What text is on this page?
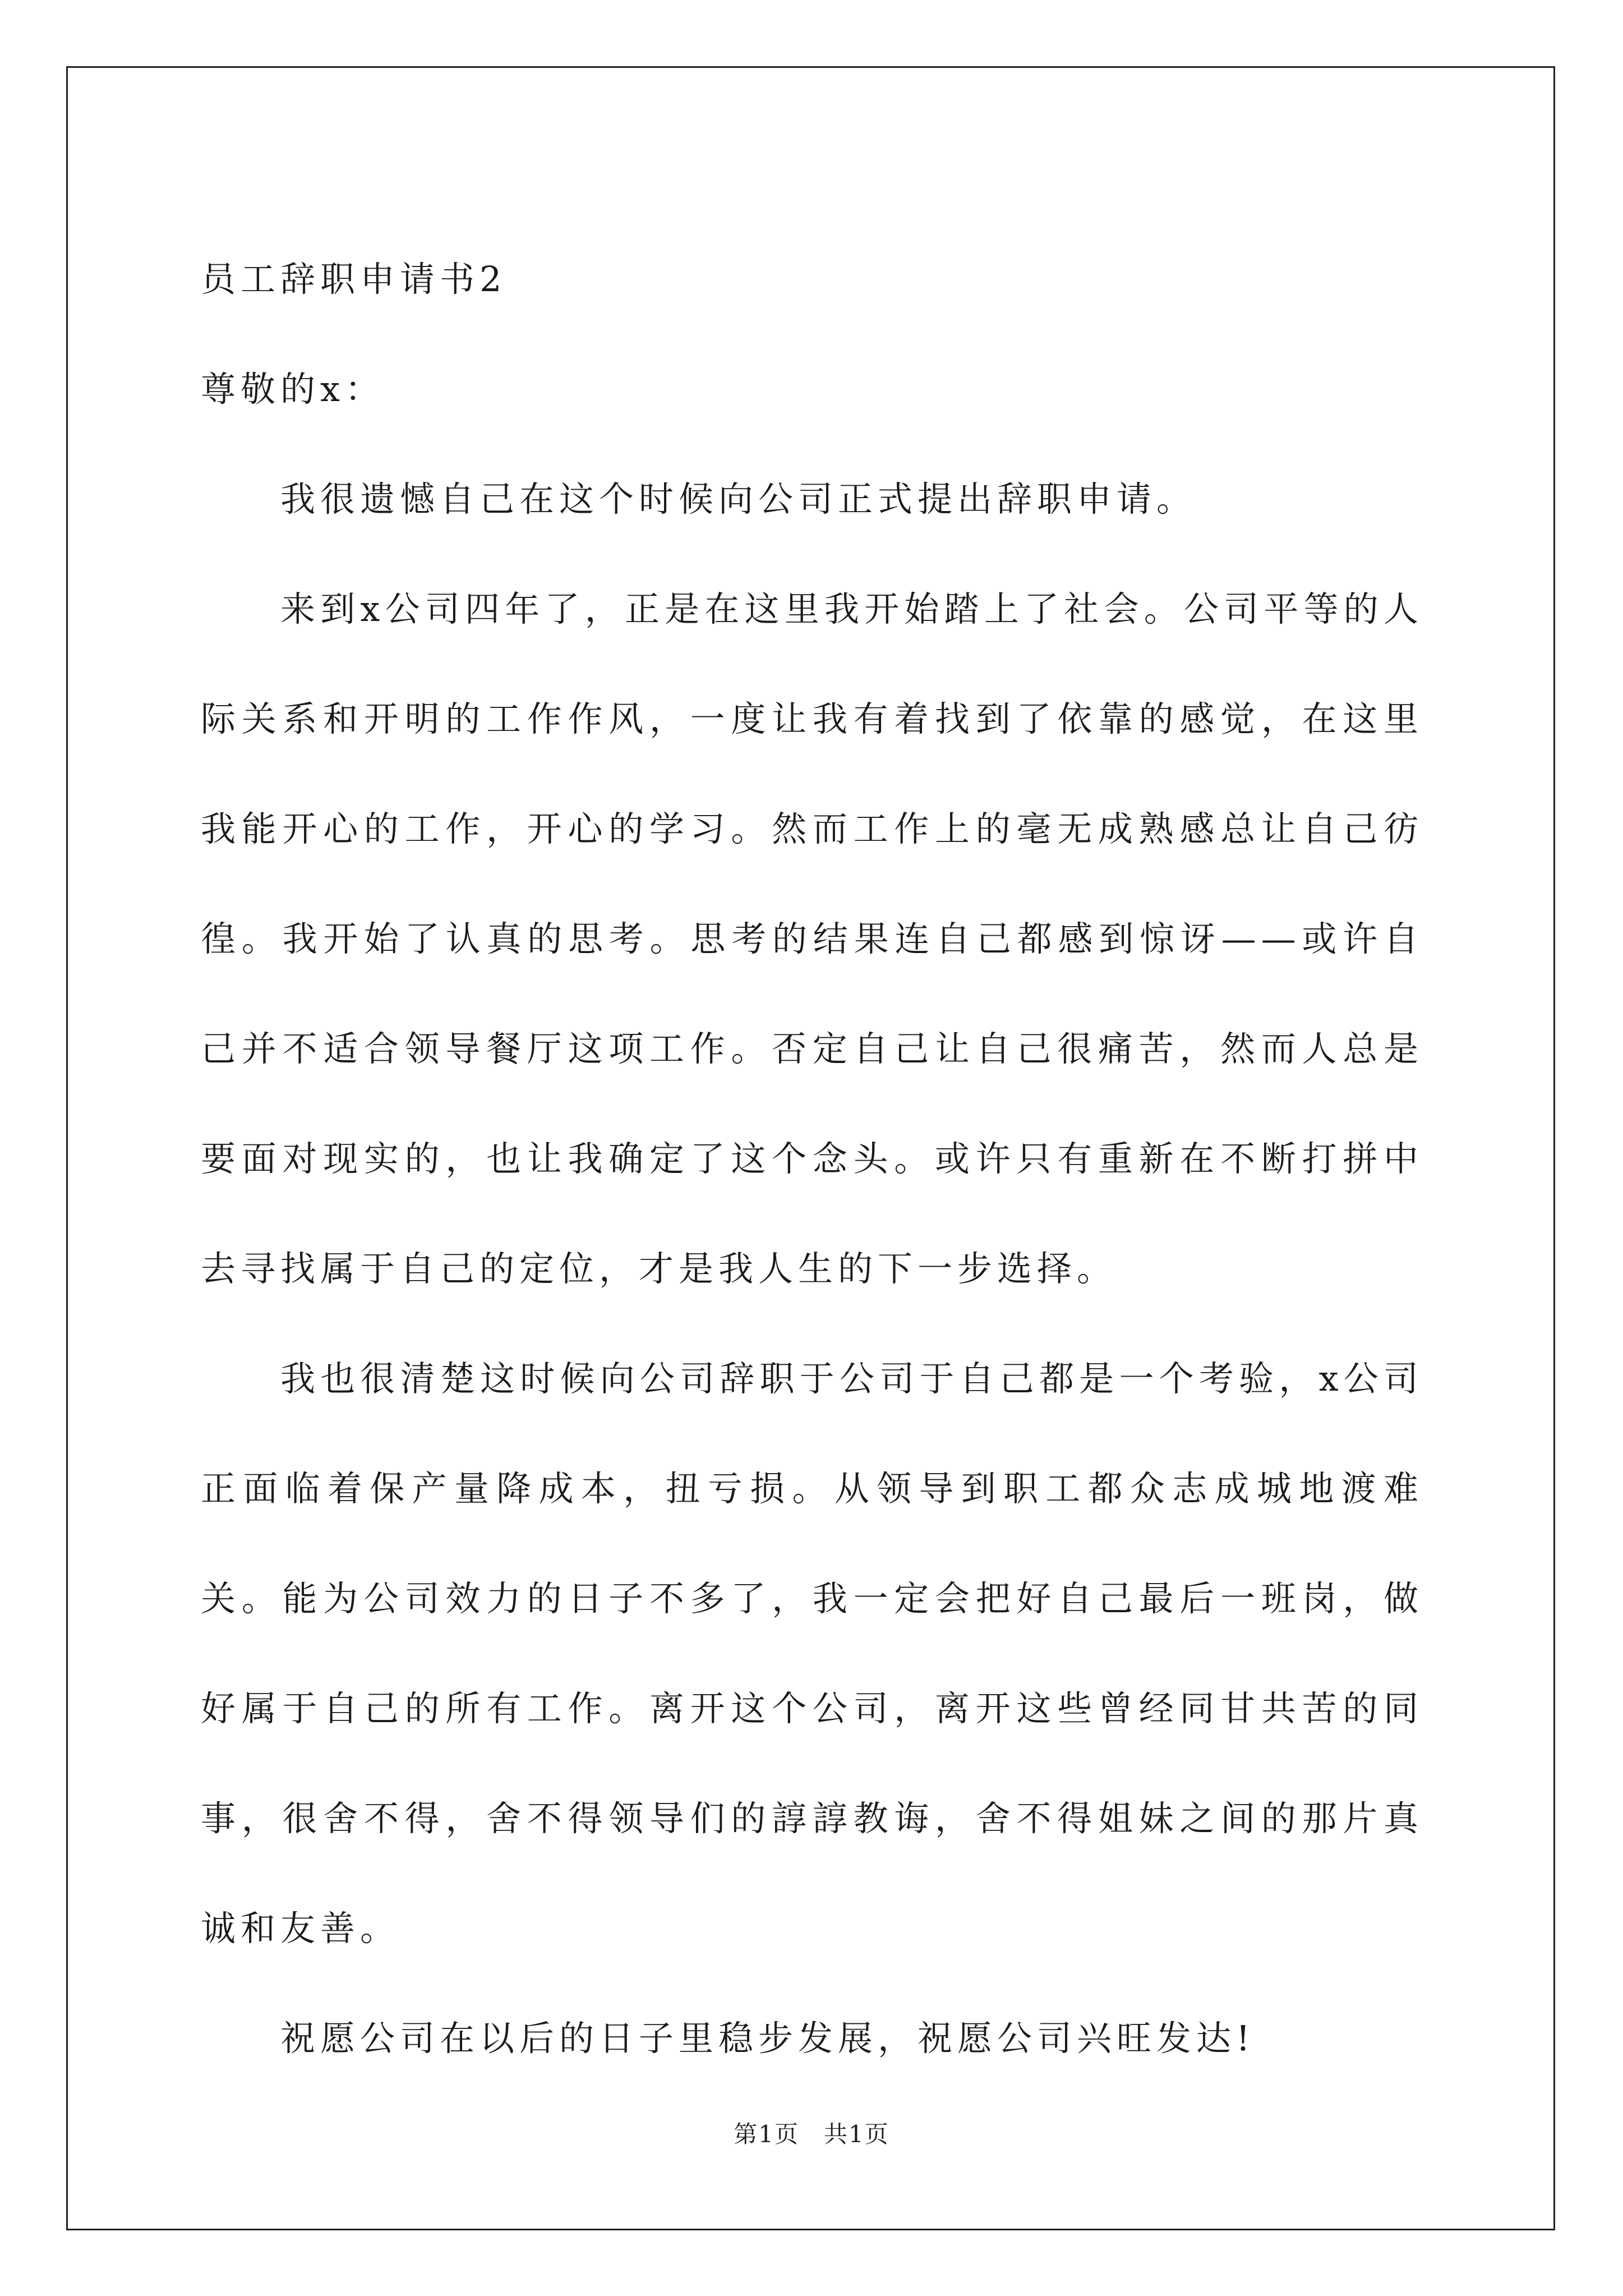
员工辞职申请书2

尊敬的x：

我很遗憾自己在这个时候向公司正式提出辞职申请。

来到x公司四年了，正是在这里我开始踏上了社会。公司平等的人际关系和开明的工作作风，一度让我有着找到了依靠的感觉，在这里我能开心的工作，开心的学习。然而工作上的毫无成熟感总让自己彷徨。我开始了认真的思考。思考的结果连自己都感到惊讶——或许自己并不适合领导餐厅这项工作。否定自己让自己很痛苦，然而人总是要面对现实的，也让我确定了这个念头。或许只有重新在不断打拼中去寻找属于自己的定位，才是我人生的下一步选择。

我也很清楚这时候向公司辞职于公司于自己都是一个考验，x公司正面临着保产量降成本，扭亏损。从领导到职工都众志成城地渡难关。能为公司效力的日子不多了，我一定会把好自己最后一班岗，做好属于自己的所有工作。离开这个公司，离开这些曾经同甘共苦的同事，很舍不得，舍不得领导们的諄諄教诲，舍不得姐妹之间的那片真诚和友善。

祝愿公司在以后的日子里稳步发展，祝愿公司兴旺发达!

第1页　共1页
